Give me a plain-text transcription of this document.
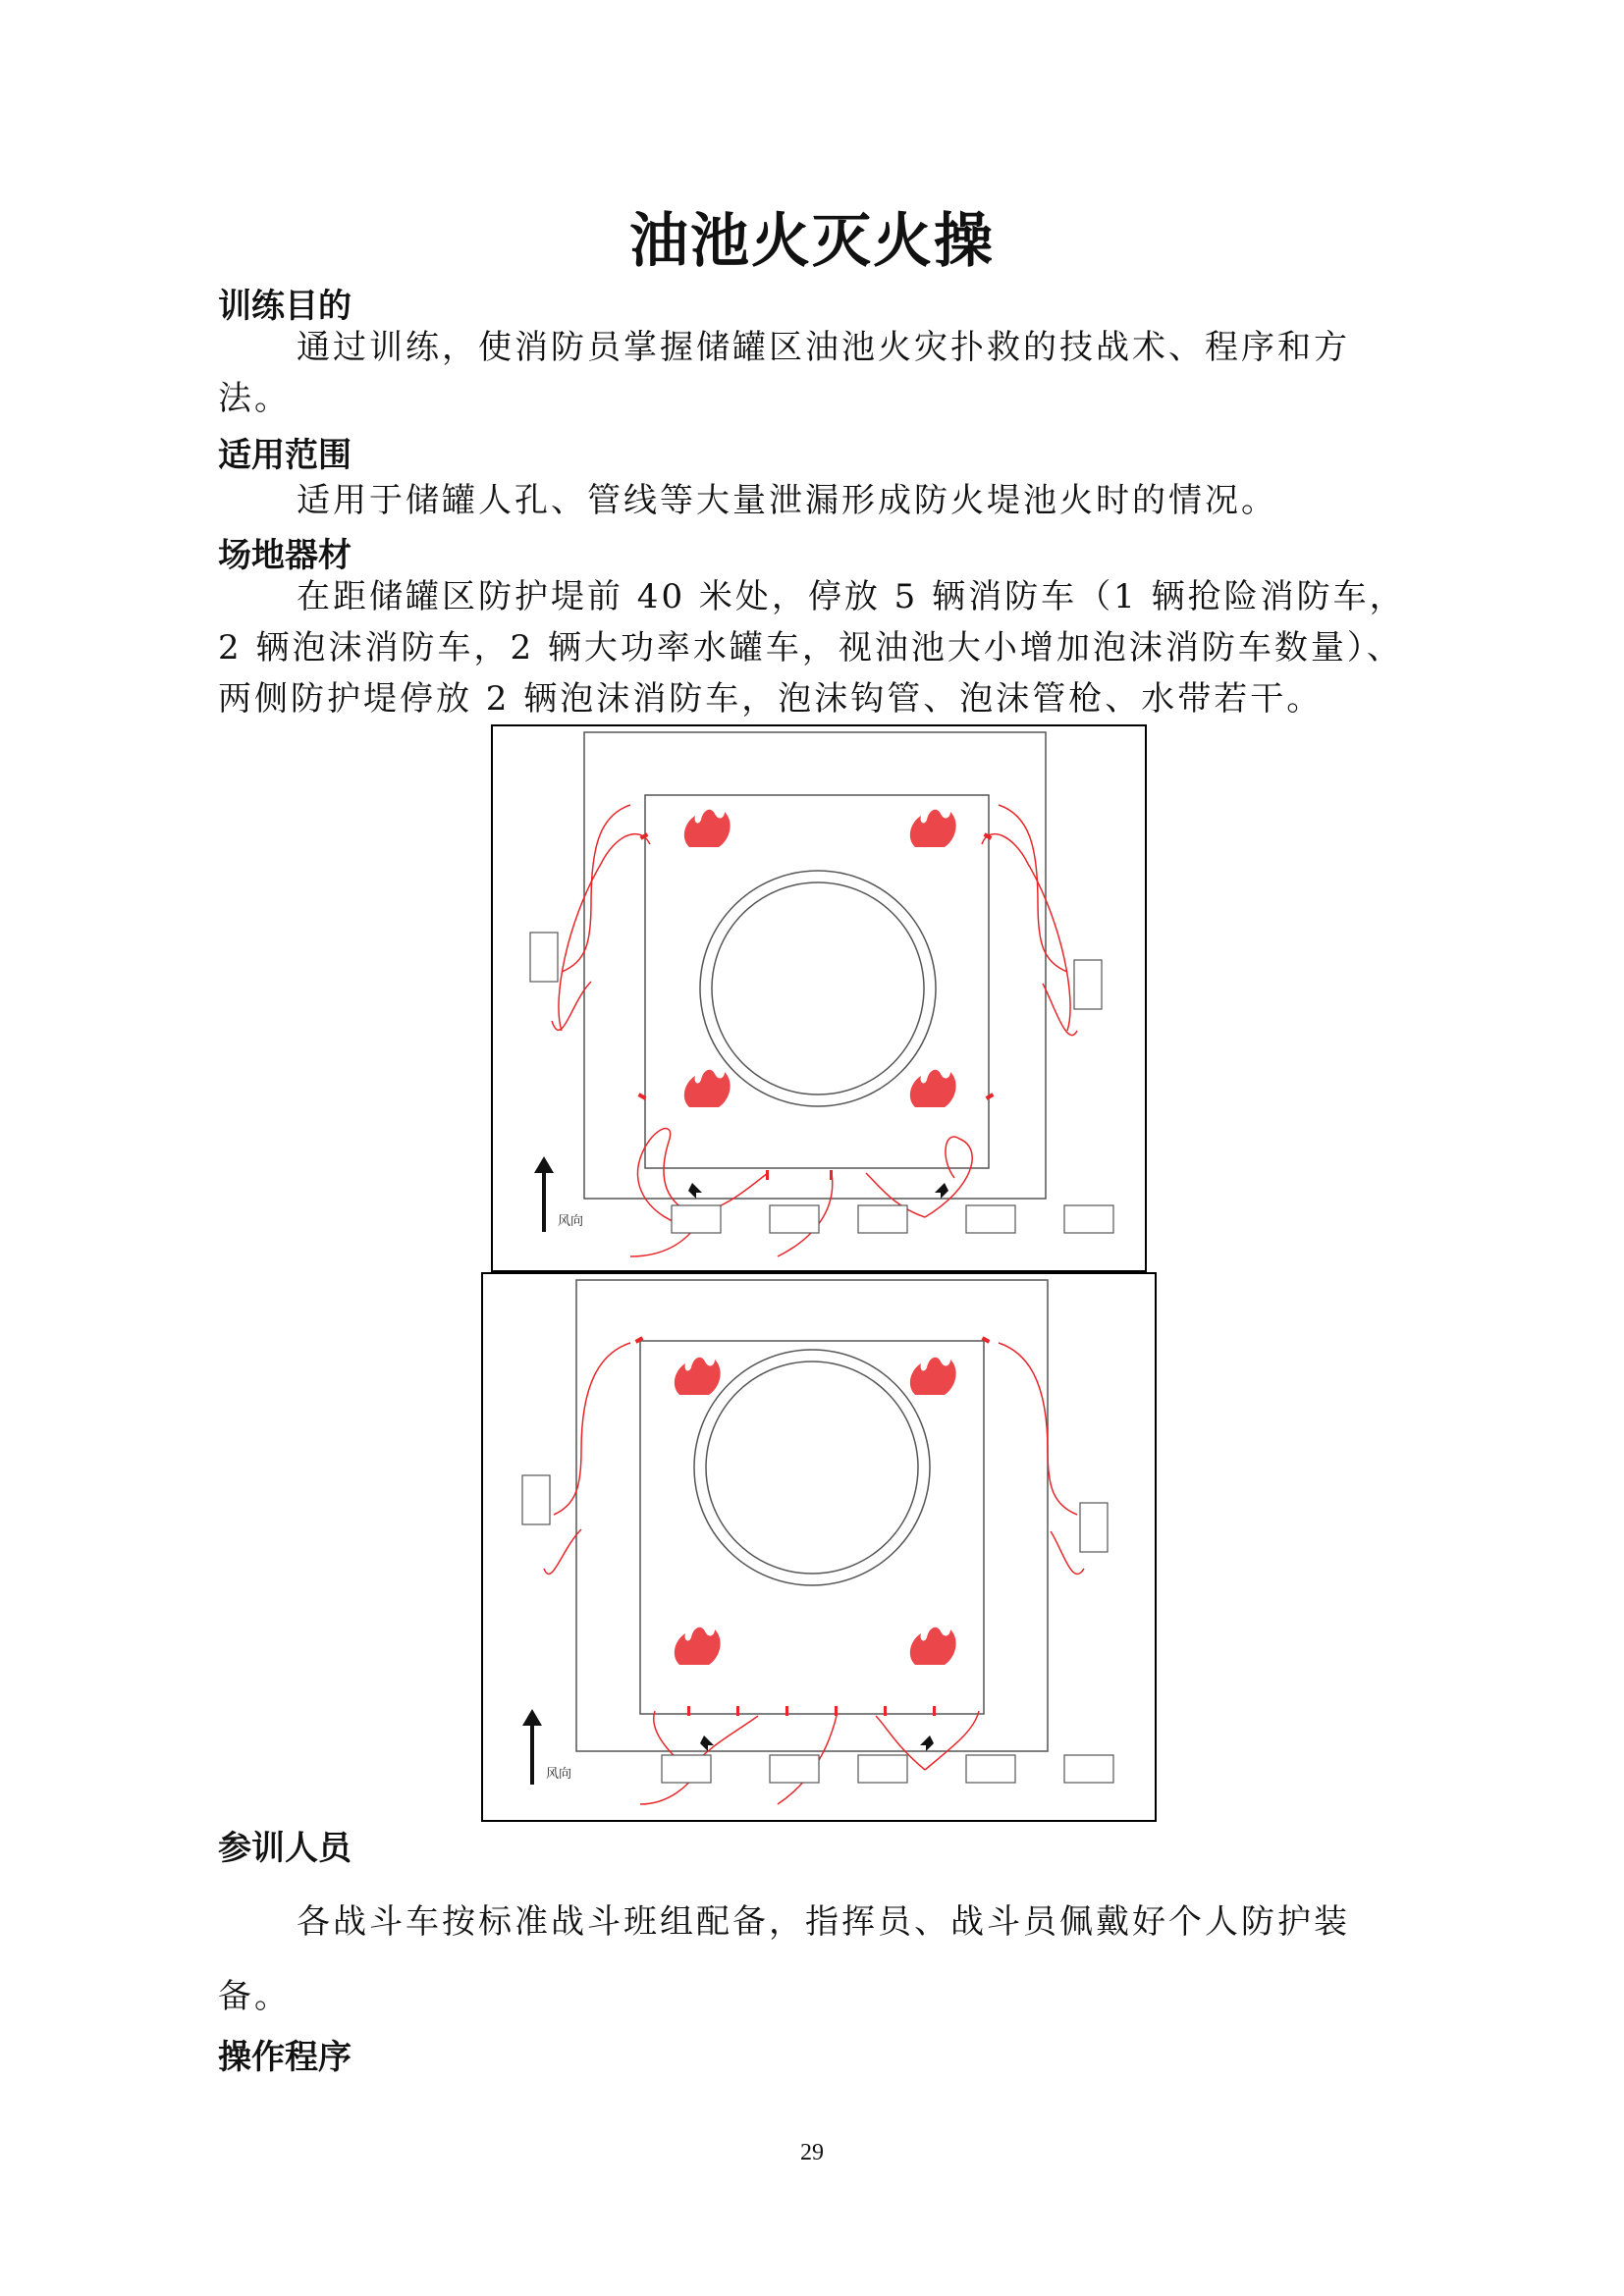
油池火灭火操
训练目的

通过训练，使消防员掌握储罐区油池火灾扑救的技战术、程序和方法。

适用范围

适用于储罐人孔、管线等大量泄漏形成防火堤池火时的情况。

场地器材

在距储罐区防护堤前 40 米处，停放 5 辆消防车（1 辆抢险消防车，2 辆泡沫消防车，2 辆大功率水罐车，视油池大小增加泡沫消防车数量）、两侧防护堤停放 2 辆泡沫消防车，泡沫钩管、泡沫管枪、水带若干。

风向
风向
参训人员

各战斗车按标准战斗班组配备，指挥员、战斗员佩戴好个人防护装备。

操作程序
29
